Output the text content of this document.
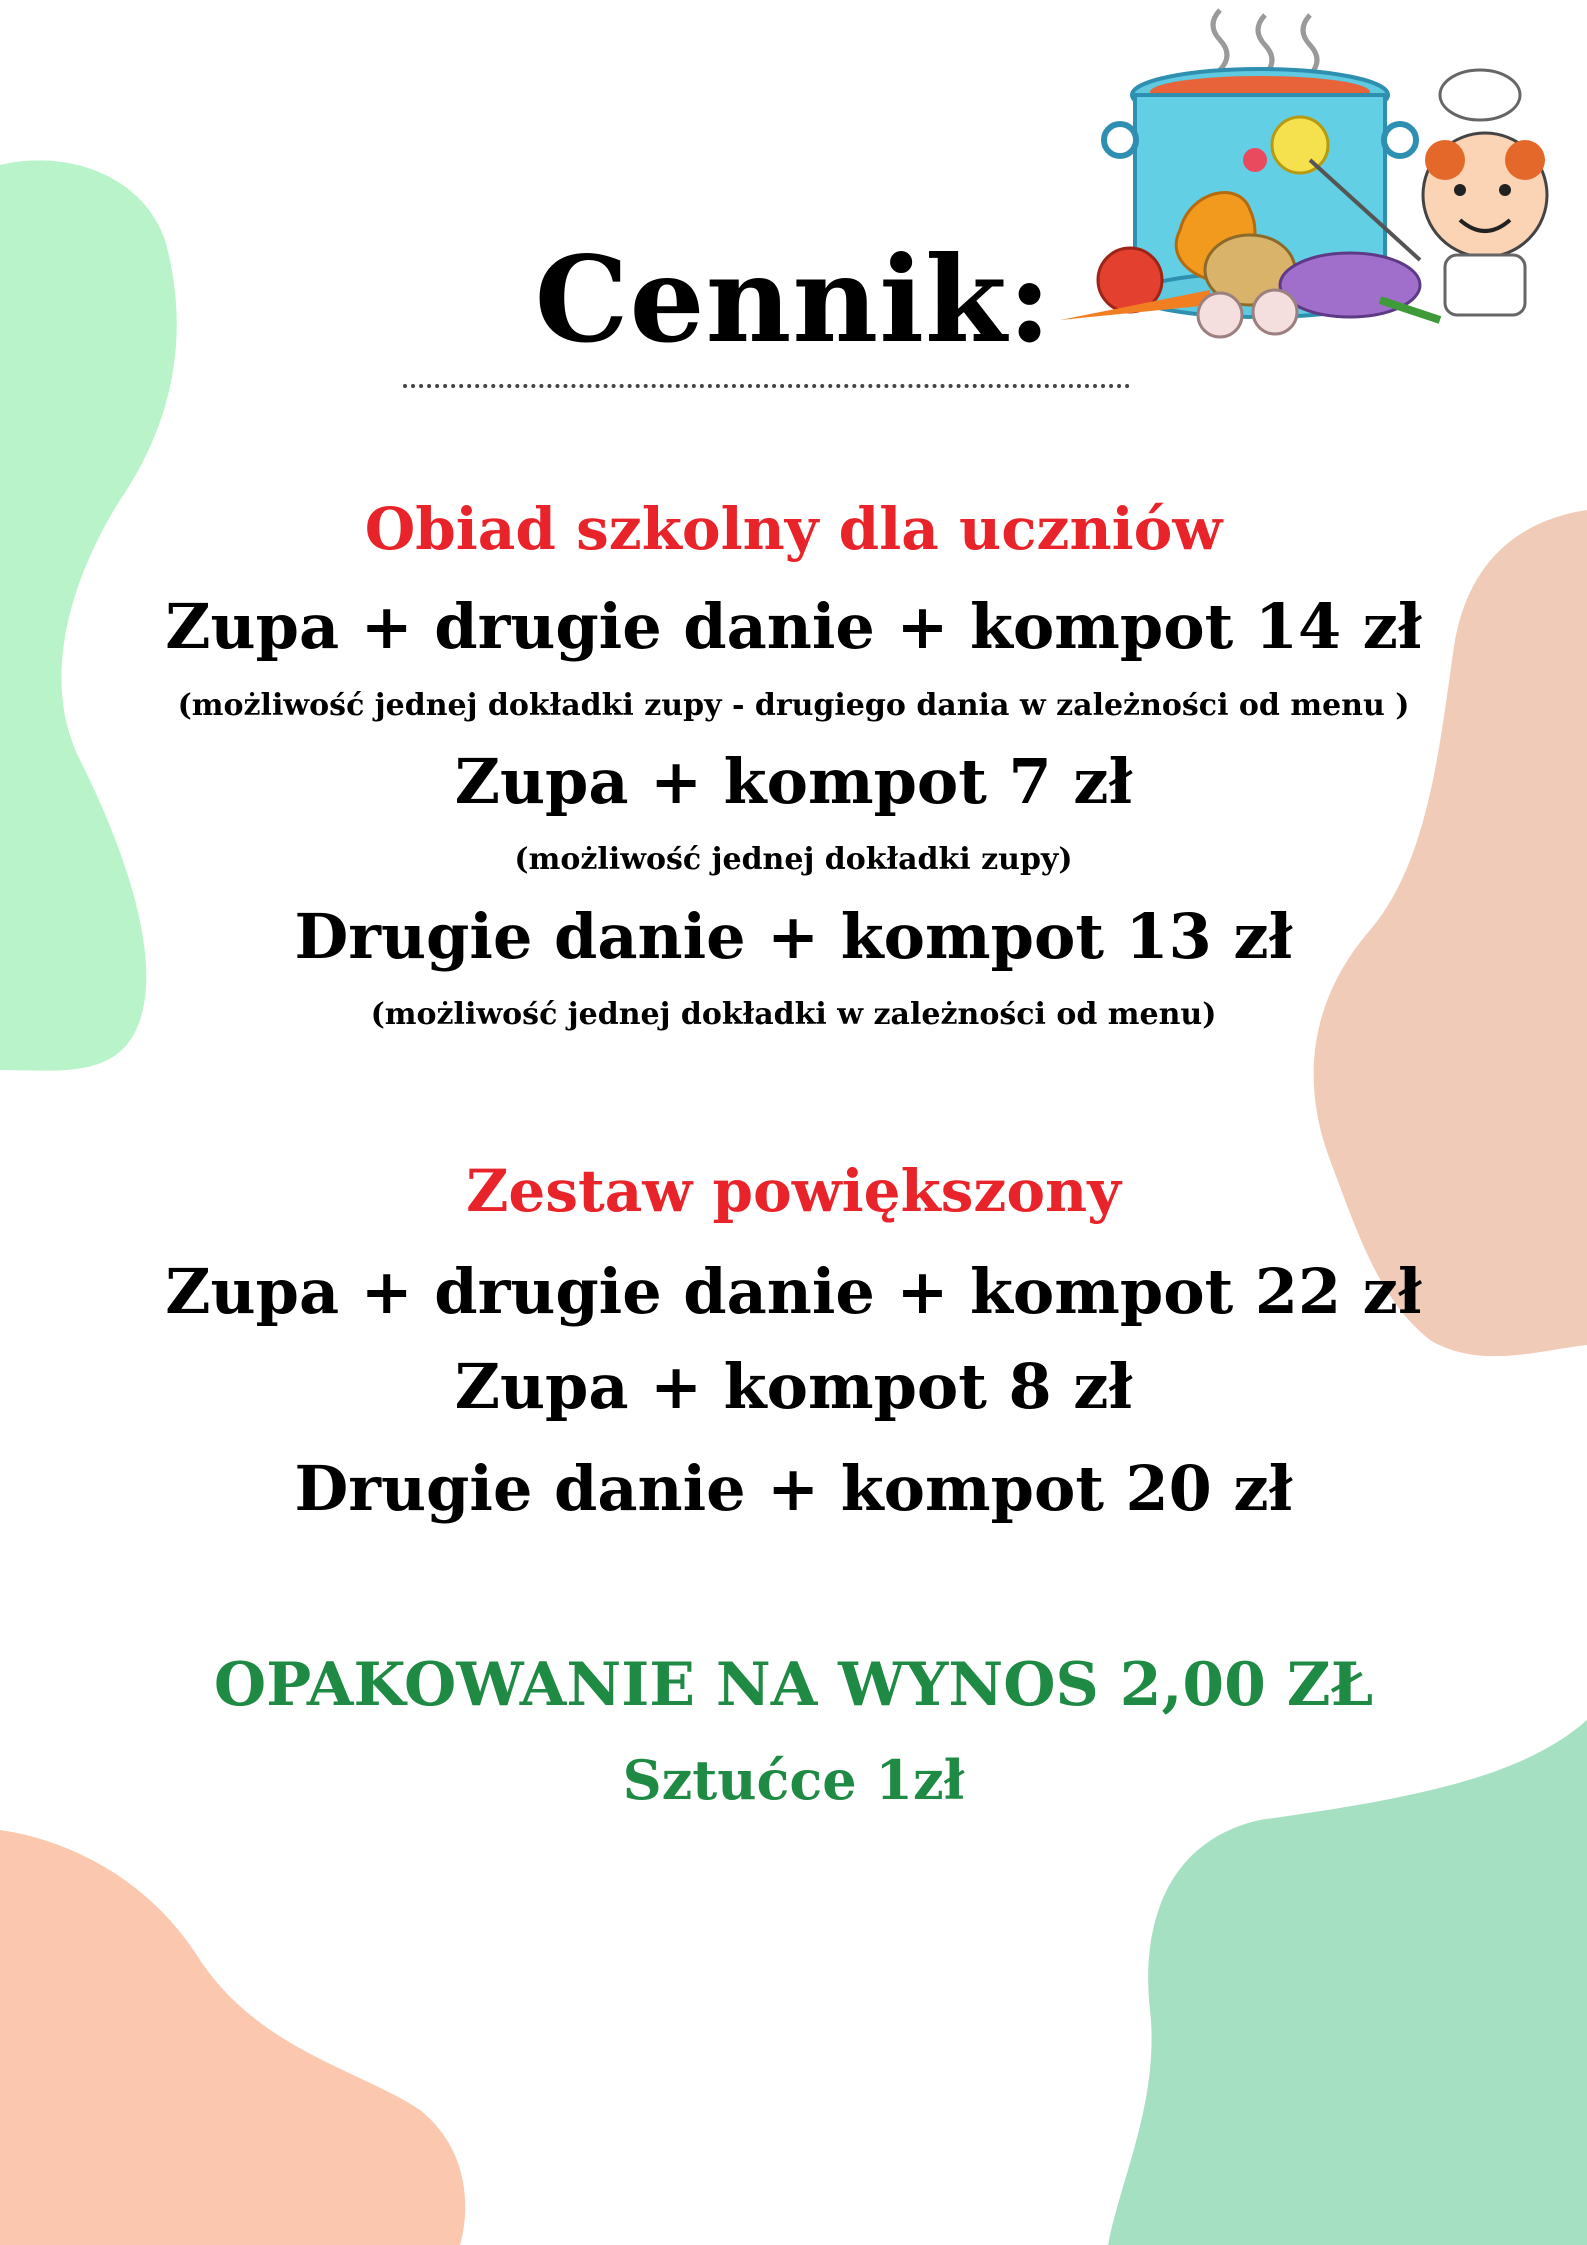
Cennik:
Obiad szkolny dla uczniów
Zupa + drugie danie + kompot 14 zł
(możliwość jednej dokładki zupy - drugiego dania w zależności od menu )
Zupa + kompot 7 zł
(możliwość jednej dokładki zupy)
Drugie danie + kompot 13 zł
(możliwość jednej dokładki w zależności od menu)
Zestaw powiększony
Zupa + drugie danie + kompot 22 zł
Zupa + kompot 8 zł
Drugie danie + kompot 20 zł
OPAKOWANIE NA WYNOS 2,00 ZŁ
Sztućce 1zł
